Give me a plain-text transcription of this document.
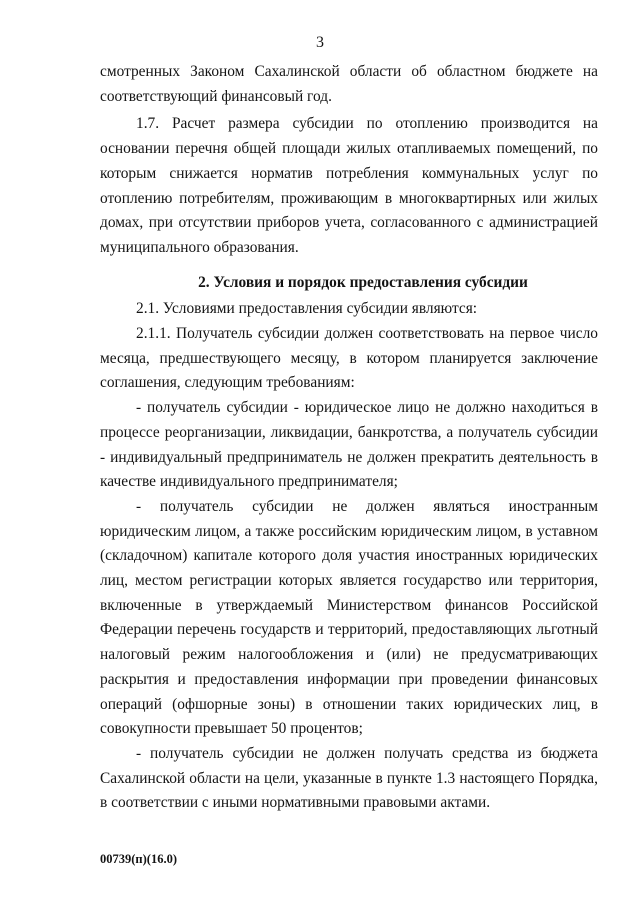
3

смотренных Законом Сахалинской области об областном бюджете на соответствующий финансовый год.

1.7. Расчет размера субсидии по отоплению производится на основании перечня общей площади жилых отапливаемых помещений, по которым снижается норматив потребления коммунальных услуг по отоплению потребителям, проживающим в многоквартирных или жилых домах, при отсутствии приборов учета, согласованного с администрацией муниципального образования.

2. Условия и порядок предоставления субсидии

2.1. Условиями предоставления субсидии являются:

2.1.1. Получатель субсидии должен соответствовать на первое число месяца, предшествующего месяцу, в котором планируется заключение соглашения, следующим требованиям:

- получатель субсидии - юридическое лицо не должно находиться в процессе реорганизации, ликвидации, банкротства, а получатель субсидии - индивидуальный предприниматель не должен прекратить деятельность в качестве индивидуального предпринимателя;

- получатель субсидии не должен являться иностранным юридическим лицом, а также российским юридическим лицом, в уставном (складочном) капитале которого доля участия иностранных юридических лиц, местом регистрации которых является государство или территория, включенные в утверждаемый Министерством финансов Российской Федерации перечень государств и территорий, предоставляющих льготный налоговый режим налогообложения и (или) не предусматривающих раскрытия и предоставления информации при проведении финансовых операций (офшорные зоны) в отношении таких юридических лиц, в совокупности превышает 50 процентов;

- получатель субсидии не должен получать средства из бюджета Сахалинской области на цели, указанные в пункте 1.3 настоящего Порядка, в соответствии с иными нормативными правовыми актами.

00739(п)(16.0)
